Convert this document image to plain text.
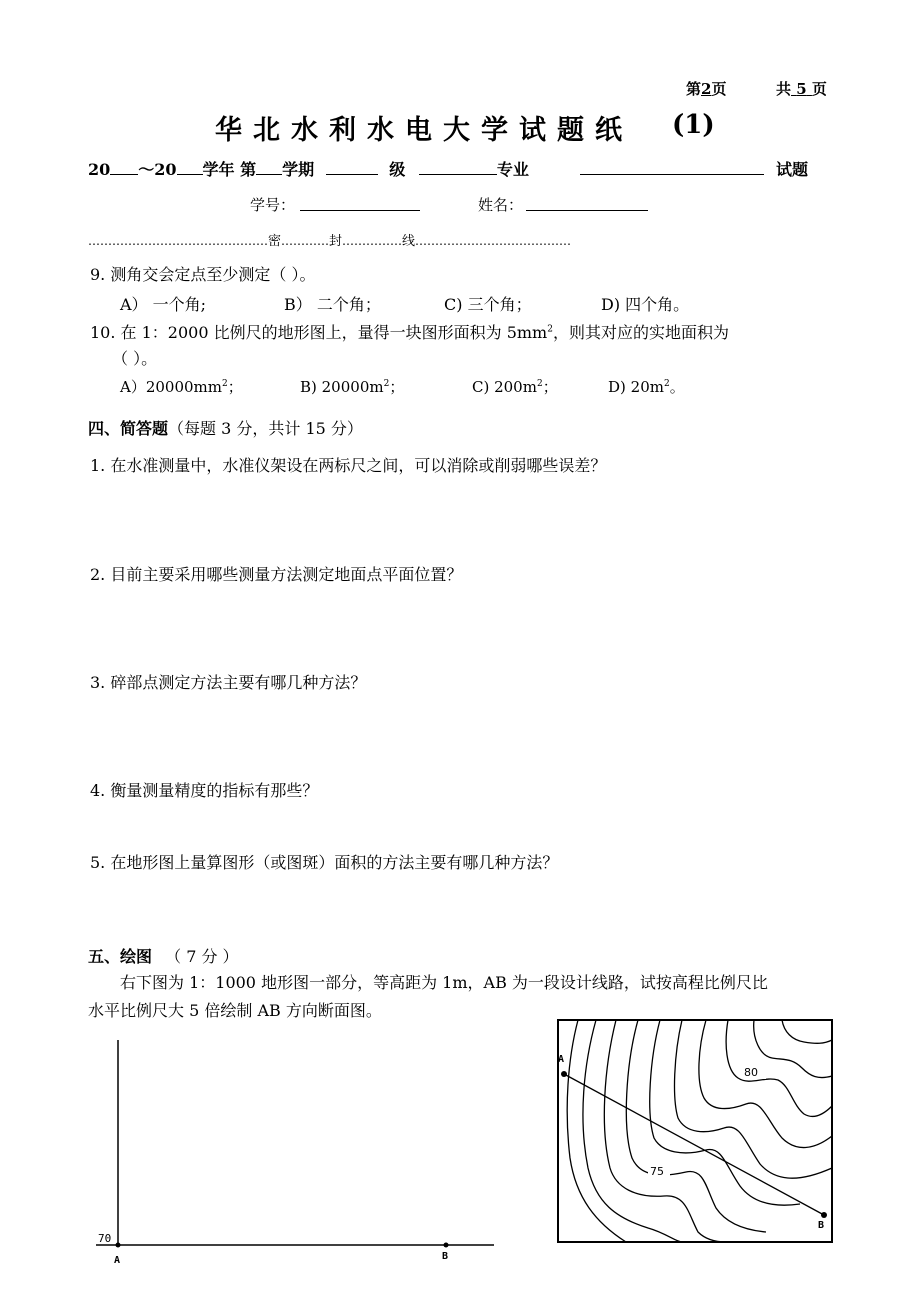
第2页	共 5 页
华北水利水电大学试题纸 (1)
20 ～20 学年 第 学期	级	专业	试题
学号：	姓名：
………………………………………密…………封……………线…………………………………
9. 测角交会定点至少测定（ ）。
A） 一个角;	B） 二个角；	C) 三个角；	D) 四个角。
10. 在 1：2000 比例尺的地形图上，量得一块图形面积为 $5mm^2$，则其对应的实地面积为
（ ）。
$A)20000mm^2$；	B) $20000m^2$；	C) $200m^2$；	D) $20m^2$。
四、简答题（每题 3 分，共计 15 分）
1. 在水准测量中，水准仪架设在两标尺之间，可以消除或削弱哪些误差？
2. 目前主要采用哪些测量方法测定地面点平面位置？
3. 碎部点测定方法主要有哪几种方法？
4. 衡量测量精度的指标有那些？
5. 在地形图上量算图形（或图斑）面积的方法主要有哪几种方法？
五、绘图 （ 7 分 ）
右下图为 1：1000 地形图一部分，等高距为 1m，AB 为一段设计线路，试按高程比例尺比
水平比例尺大 5 倍绘制 AB 方向断面图。
70
A	B
80
75
A
B
